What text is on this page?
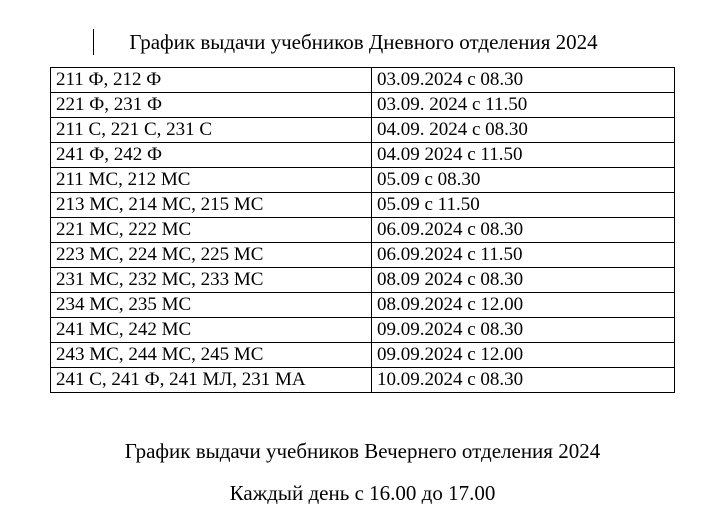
График выдачи учебников Дневного отделения 2024
211 Ф, 212 Ф	03.09.2024 с 08.30
221 Ф, 231 Ф	03.09. 2024 с 11.50
211 С, 221 С, 231 С	04.09. 2024 с 08.30
241 Ф, 242 Ф	04.09 2024 с 11.50
211 МС, 212 МС	05.09 с 08.30
213 МС, 214 МС, 215 МС	05.09 с 11.50
221 МС, 222 МС	06.09.2024 с 08.30
223 МС, 224 МС, 225 МС	06.09.2024 с 11.50
231 МС, 232 МС, 233 МС	08.09 2024 с 08.30
234 МС, 235 МС	08.09.2024 с 12.00
241 МС, 242 МС	09.09.2024 с 08.30
243 МС, 244 МС, 245 МС	09.09.2024 с 12.00
241 С, 241 Ф, 241 МЛ, 231 МА	10.09.2024 с 08.30
График выдачи учебников Вечернего отделения 2024
Каждый день с 16.00 до 17.00
